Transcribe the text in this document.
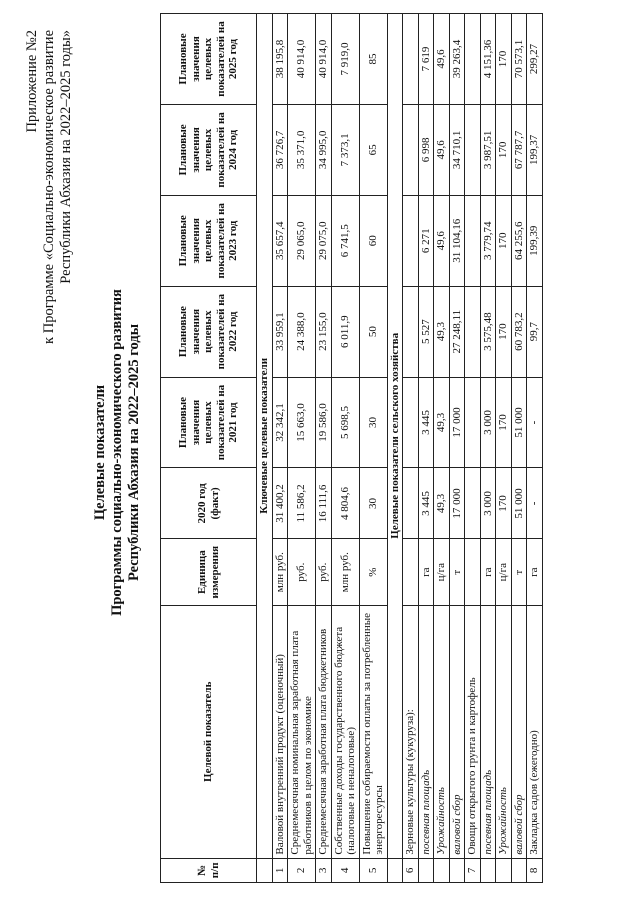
Приложение №2 к Программе «Социально-экономическое развитие Республики Абхазия на 2022–2025 годы»
Целевые показатели Программы социально-экономического развития Республики Абхазия на 2022–2025 годы
№ п/п	Целевой показатель	Единица измерения	2020 год (факт)	Плановые значения целевых показателей на 2021 год	Плановые значения целевых показателей на 2022 год	Плановые значения целевых показателей на 2023 год	Плановые значения целевых показателей на 2024 год	Плановые значения целевых показателей на 2025 год
	Ключевые целевые показатели							
1	Валовой внутренний продукт (оценочный)	млн руб.	31 400,2	32 342,1	33 959,1	35 657,4	36 726,7	38 195,8
2	Среднемесячная номинальная заработная плата работников в целом по экономике	руб.	11 586,2	15 663,0	24 388,0	29 065,0	35 371,0	40 914,0
3	Среднемесячная заработная плата бюджетников	руб.	16 111,6	19 586,0	23 155,0	29 075,0	34 995,0	40 914,0
4	Собственные доходы государственного бюджета (налоговые и неналоговые)	млн руб.	4 804,6	5 698,5	6 011,9	6 741,5	7 373,1	7 919,0
5	Повышение собираемости оплаты за потребленные энергоресурсы	%	30	30	50	60	65	85
	Целевые показатели сельского хозяйства							
6	Зерновые культуры (кукуруза):							
	посевная площадь	га	3 445	3 445	5 527	6 271	6 998	7 619
	Урожайность	ц/га	49,3	49,3	49,3	49,6	49,6	49,6
	валовой сбор	т	17 000	17 000	27 248,11	31 104,16	34 710,1	39 263,4
7	Овощи открытого грунта и картофель							
	посевная площадь	га	3 000	3 000	3 575,48	3 779,74	3 987,51	4 151,36
	Урожайность	ц/га	170	170	170	170	170	170
	валовой сбор	т	51 000	51 000	60 783,2	64 255,6	67 787,7	70 573,1
8	Закладка садов (ежегодно)	га	-	-	99,7	199,39	199,37	299,27
